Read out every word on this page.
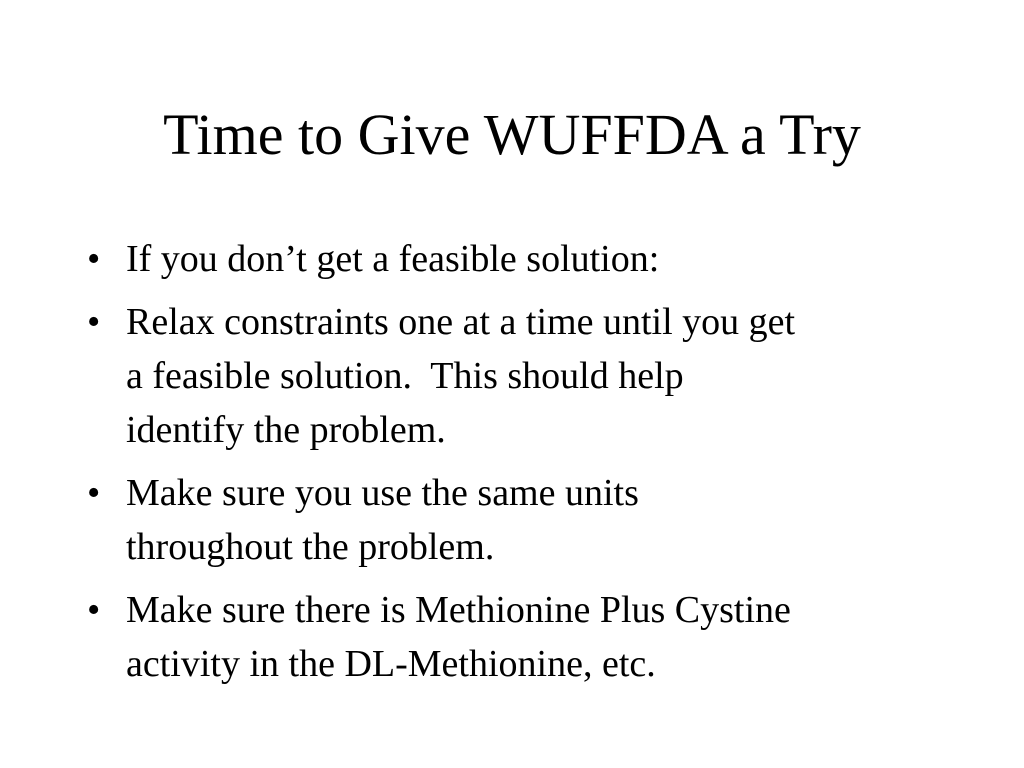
Time to Give WUFFDA a Try
• If you don’t get a feasible solution:
• Relax constraints one at a time until you get
a feasible solution.  This should help
identify the problem.
• Make sure you use the same units
throughout the problem.
• Make sure there is Methionine Plus Cystine
activity in the DL-Methionine, etc.
